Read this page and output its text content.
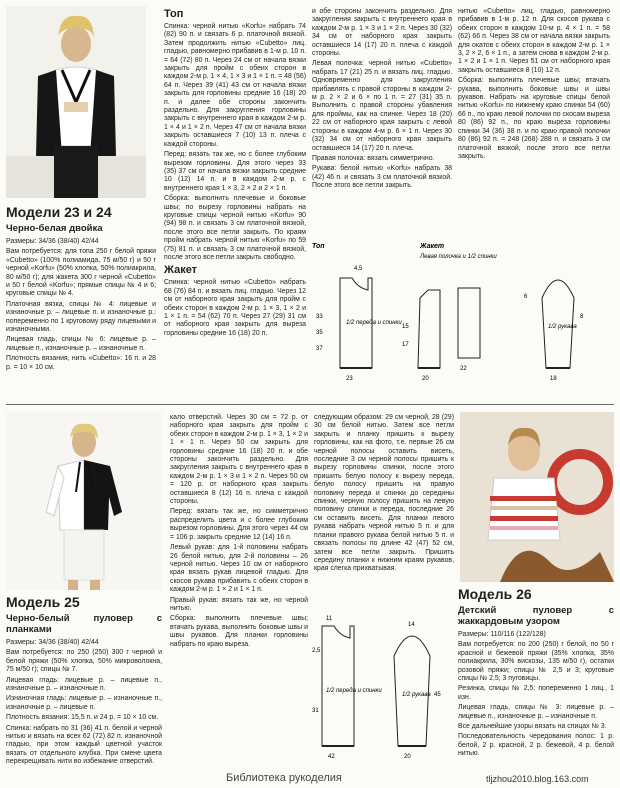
Модели 23 и 24
Черно-белая двойка

Размеры: 34/36 (38/40) 42/44

Вам потребуется: для топа 250 г белой пряжи «Cubetto» (100% полиамида, 75 м/50 г) и 50 г черной «Korfu» (50% хлопка, 50% полиакрила, 80 м/50 г); для жакета 300 г черной «Cubetto» и 50 г белой «Korfu»; прямые спицы № 4 и 6; круговые спицы № 4.

Платочная вязка, спицы № 4: лицевые и изнаночные р. – лицевые п. и изнаночные р.: попеременно по 1 круговому ряду лицевыми и изнаночными.

Лицевая гладь, спицы № 6: лицевые р. – лицевые п., изнаночные р. – изнаночные п.

Плотность вязания, нить «Cubetto»: 16 п. и 28 р. = 10 × 10 см.

Топ

Спинка: черной нитью «Korfu» набрать 74 (82) 90 п. и связать 6 р. платочной вязкой. Затем продолжить нитью «Cubetto» лиц. гладью, равномерно прибавив в 1-м р. 10 п. = 64 (72) 80 п. Через 24 см от начала вязки закрыть для пройм с обеих сторон в каждом 2-м р. 1 × 4, 1 × 3 и 1 × 1 п. = 48 (56) 64 п. Через 39 (41) 43 см от начала вязки закрыть для горловины средние 16 (18) 20 п. и далее обе стороны закончить раздельно. Для закругления горловины закрыть с внутреннего края в каждом 2-м р. 1 × 4 и 1 × 2 п. Через 47 см от начала вязки закрыть оставшиеся 7 (10) 13 п. плеча с каждой стороны.

Перед: вязать так же, но с более глубоким вырезом горловины. Для этого через 33 (35) 37 см от начала вязки закрыть средние 10 (12) 14 п. и в каждом 2-м р. с внутреннего края 1 × 3, 2 × 2 и 2 × 1 п.

Сборка: выполнить плечевые и боковые швы; по вырезу горловины набрать на круговые спицы черной нитью «Korfu» 90 (94) 98 п. и связать 3 см платочной вязкой, после этого все петли закрыть. По краям пройм набрать черной нитью «Korfu» по 59 (75) 81 п. и связать 3 см платочной вязкой, после этого все петли закрыть свободно.

Жакет

Спинка: черной нитью «Cubetto» набрать 68 (76) 84 п. и вязать лиц. гладью. Через 12 см от наборного края закрыть для пройм с обеих сторон в каждом 2-м р. 1 × 3, 1 × 2 и 1 × 1 п. = 54 (62) 70 п. Через 27 (29) 31 см от наборного края закрыть для выреза горловины средние 16 (18) 20 п.

и обе стороны закончить раздельно. Для закругления закрыть с внутреннего края в каждом 2-м р. 1 × 3 и 1 × 2 п. Через 30 (32) 34 см от наборного края закрыть оставшиеся 14 (17) 20 п. плеча с каждой стороны.

Левая полочка: черной нитью «Cubetto» набрать 17 (21) 25 п. и вязать лиц. гладью. Одновременно для закругления прибавлять с правой стороны в каждом 2-м р. 2 × 2 и 6 × по 1 п. = 27 (31) 35 п. Выполнить с правой стороны убавления для проймы, как на спинке. Через 18 (20) 22 см от наборного края закрыть с левой стороны в каждом 4-м р. 6 × 1 п. Через 30 (32) 34 см от наборного края закрыть оставшиеся 14 (17) 20 п. плеча.

Правая полочка: вязать симметрично.

Рукава: белой нитью «Korfu» набрать 38 (42) 46 п. и связать 3 см платочной вязкой. После этого все петли закрыть.

нитью «Cubetto» лиц. гладью, равномерно прибавив в 1-м р. 12 п. Для скосов рукава с обеих сторон в каждом 10-м р. 4 × 1 п. = 58 (62) 66 п. Через 38 см от начала вязки закрыть для окатов с обеих сторон в каждом 2-м р. 1 × 3, 2 × 2, 6 × 1 п., а затем снова в каждом 2-м р. 1 × 2 и 1 × 1 п. Через 51 см от наборного края закрыть оставшиеся 8 (10) 12 п.

Сборка: выполнить плечевые швы; втачать рукава, выполнить боковые швы и швы рукавов. Набрать на круговые спицы белой нитью «Korfu» по нижнему краю спинки 54 (60) 66 п., по краю левой полочки по скосам выреза 80 (86) 92 п., по краю выреза горловины спинки 34 (36) 38 п. и по краю правой полочки 80 (86) 92 п. = 248 (268) 288 п. и связать 3 см платочной вязкой, после этого все петли закрыть.

Топ	Жакет
Левая полочка и 1/2 спинки
1/2 переда и спинки
33
35
37
23
4,5
15
17
20
22
1/2 рукава
8
18
6
Модель 25
Черно-белый пуловер с планками

Размеры: 34/36 (38/40) 42/44

Вам потребуется: по 250 (250) 300 г черной и белой пряжи (50% хлопка, 50% микроволокна, 75 м/50 г); спицы № 7.

Лицевая гладь: лицевые р. – лицевые п., изнаночные р. – изнаночные п.

Изнаночная гладь: лицевые р. – изнаночные п., изнаночные р. – лицевые п.

Плотность вязания: 15,5 п. и 24 р. = 10 × 10 см.

Спинка: набрать по 31 (36) 41 п. белой и черной нитью и вязать на всех 62 (72) 82 п. изнаночной гладью, при этом каждый цветной участок вязать от отдельного клубка. При смене цвета перекрещивать нити во избежание отверстий.

кало отверстий. Через 30 см = 72 р. от наборного края закрыть для пройм с обеих сторон в каждом 2-м р. 1 × 3, 1 × 2 и 1 × 1 п. Через 50 см закрыть для горловины средние 16 (18) 20 п. и обе стороны закончить раздельно. Для закругления закрыть с внутреннего края в каждом 2-м р. 1 × 3 и 1 × 2 п. Через 50 см = 120 р. от наборного края закрыть оставшиеся 8 (12) 16 п. плеча с каждой стороны.

Перед: вязать так же, но симметрично распределить цвета и с более глубоким вырезом горловины. Для этого через 44 см = 106 р. закрыть средние 12 (14) 16 п.

Левый рукав: для 1-й половины набрать 26 белой нитью, для 2-й половины – 26 черной нитью. Через 10 см от наборного края вязать рукав лицевой гладью. Для скосов рукава прибавить с обеих сторон в каждом 2-м р. 1 × 2 и 1 × 1 п.

Правый рукав: вязать так же, но черной нитью.

Сборка: выполнить плечевые швы; втачать рукава, выполнить боковые швы и швы рукавов. Для планки горловины набрать по краю выреза.

следующим образом: 29 см черной, 28 (29) 30 см белой нитью. Затем все петли закрыть и планку пришить к вырезу горловины, как на фото, т.е. первые 26 см черной полосы оставить висеть, последние 3 см черной полосы пришить к вырезу горловины спинки, после этого пришить белую полосу к вырезу переда, белую полосу пришить на правую половину переда и спинки до середины спинки, черную полосу пришить на левую половину спинки и переда, последние 26 см оставить висеть. Для планки левого рукава набрать черной нитью 5 п. и для планки правого рукава белой нитью 5 п. и связать полосы по длине 42 (47) 52 см, затем все петли закрыть. Пришить середину планки к нижним краям рукавов, края слегка прихватывая.

Модель 26
Детский пуловер с жаккардовым узором

Размеры: 110/116 (122/128)

Вам потребуется: по 200 (250) г белой, по 50 г красной и бежевой пряжи (35% хлопка, 35% полиакрила, 30% вискозы, 135 м/50 г), остатки розовой пряжи; спицы № 2,5 и 3; круговые спицы № 2,5; 3 пуговицы.

Резинка, спицы № 2,5: попеременно 1 лиц., 1 изн.

Лицевая гладь, спицы № 3: лицевые р. – лицевые п., изнаночные р. – изнаночные п.

Все дальнейшие узоры вязать на спицах № 3.

Последовательность чередования полос: 1 р. белой, 2 р. красной, 2 р. бежевой, 4 р. белой нитью.

1/2 переда и спинки
2,5
11
31
42
1/2 рукава
14
45
20
Библиотека рукоделия	tljzhou2010.blog.163.com
